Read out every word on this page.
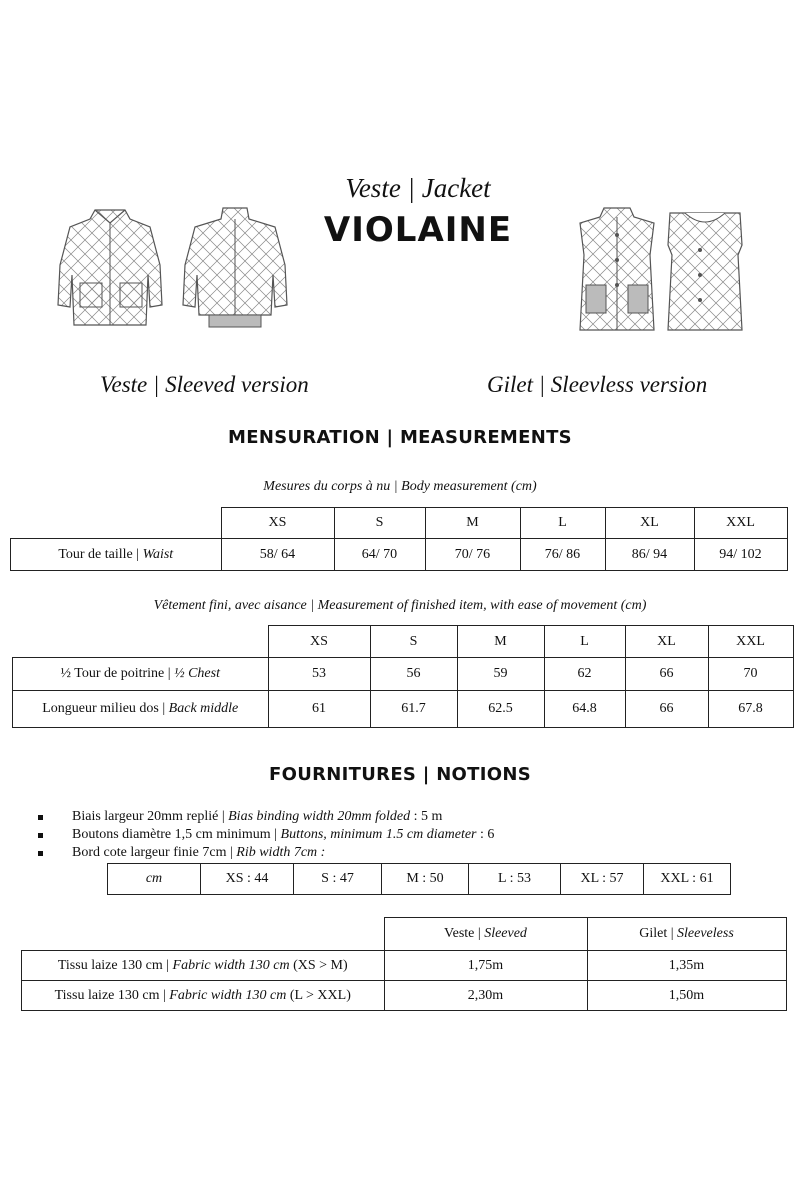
Veste | Jacket
VIOLAINE
Veste | Sleeved version	Gilet | Sleevless version
MENSURATION | MEASUREMENTS
Mesures du corps à nu | Body measurement (cm)
	XS	S	M	L	XL	XXL
Tour de taille | Waist	58/ 64	64/ 70	70/ 76	76/ 86	86/ 94	94/ 102
Vêtement fini, avec aisance | Measurement of finished item, with ease of movement (cm)
	XS	S	M	L	XL	XXL
½ Tour de poitrine | ½ Chest	53	56	59	62	66	70
Longueur milieu dos | Back middle	61	61.7	62.5	64.8	66	67.8
FOURNITURES | NOTIONS
Biais largeur 20mm replié | Bias binding width 20mm folded : 5 m
Boutons diamètre 1,5 cm minimum | Buttons, minimum 1.5 cm diameter : 6
Bord cote largeur finie 7cm | Rib width 7cm :
cm	XS : 44	S : 47	M : 50	L : 53	XL : 57	XXL : 61
	Veste | Sleeved	Gilet | Sleeveless
Tissu laize 130 cm | Fabric width 130 cm (XS > M)	1,75m	1,35m
Tissu laize 130 cm | Fabric width 130 cm (L > XXL)	2,30m	1,50m
